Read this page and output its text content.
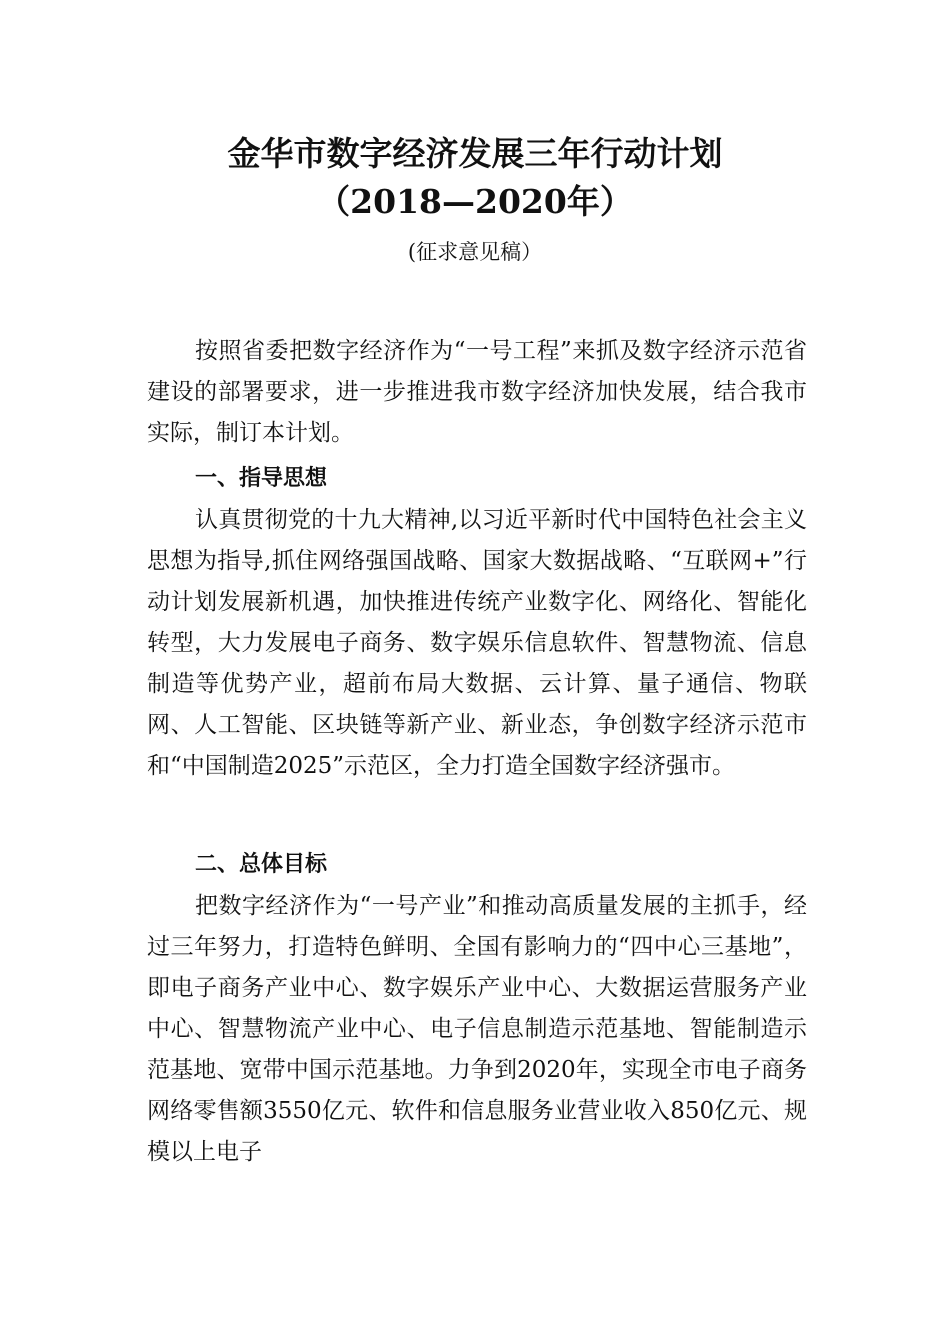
金华市数字经济发展三年行动计划
（2018—2020年）
(征求意见稿）
按照省委把数字经济作为“一号工程”来抓及数字经济示范省建设的部署要求，进一步推进我市数字经济加快发展，结合我市实际，制订本计划。
一、指导思想
认真贯彻党的十九大精神,以习近平新时代中国特色社会主义思想为指导,抓住网络强国战略、国家大数据战略、“互联网+”行动计划发展新机遇，加快推进传统产业数字化、网络化、智能化转型，大力发展电子商务、数字娱乐信息软件、智慧物流、信息制造等优势产业，超前布局大数据、云计算、量子通信、物联网、人工智能、区块链等新产业、新业态，争创数字经济示范市和“中国制造2025”示范区，全力打造全国数字经济强市。
二、总体目标
把数字经济作为“一号产业”和推动高质量发展的主抓手，经过三年努力，打造特色鲜明、全国有影响力的“四中心三基地”，即电子商务产业中心、数字娱乐产业中心、大数据运营服务产业中心、智慧物流产业中心、电子信息制造示范基地、智能制造示范基地、宽带中国示范基地。力争到2020年，实现全市电子商务网络零售额3550亿元、软件和信息服务业营业收入850亿元、规模以上电子
